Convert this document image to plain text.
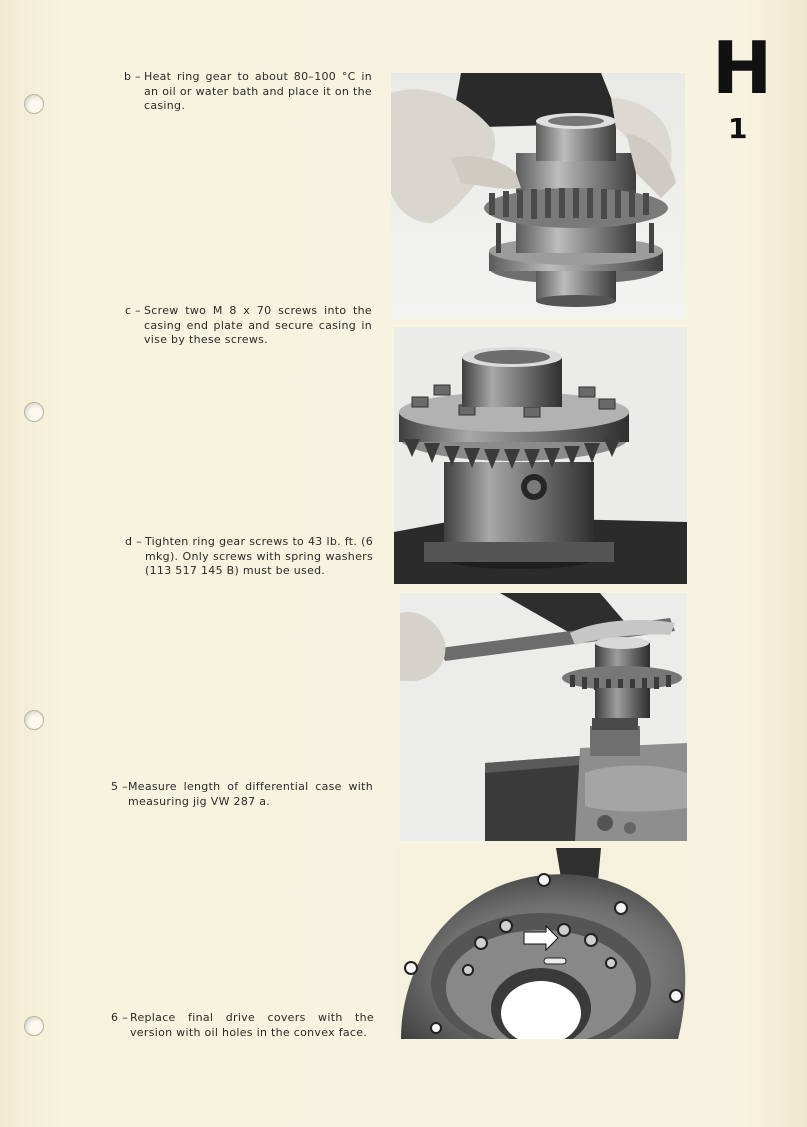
H
1
b – Heat ring gear to about 80–100 °C in an oil or water bath and place it on the casing.
c – Screw two M 8 x 70 screws into the casing end plate and secure casing in vise by these screws.
d – Tighten ring gear screws to 43 lb. ft. (6 mkg). Only screws with spring washers (113 517 145 B) must be used.
5 – Measure length of differential case with measuring jig VW 287 a.
6 – Replace final drive covers with the version with oil holes in the convex face.
